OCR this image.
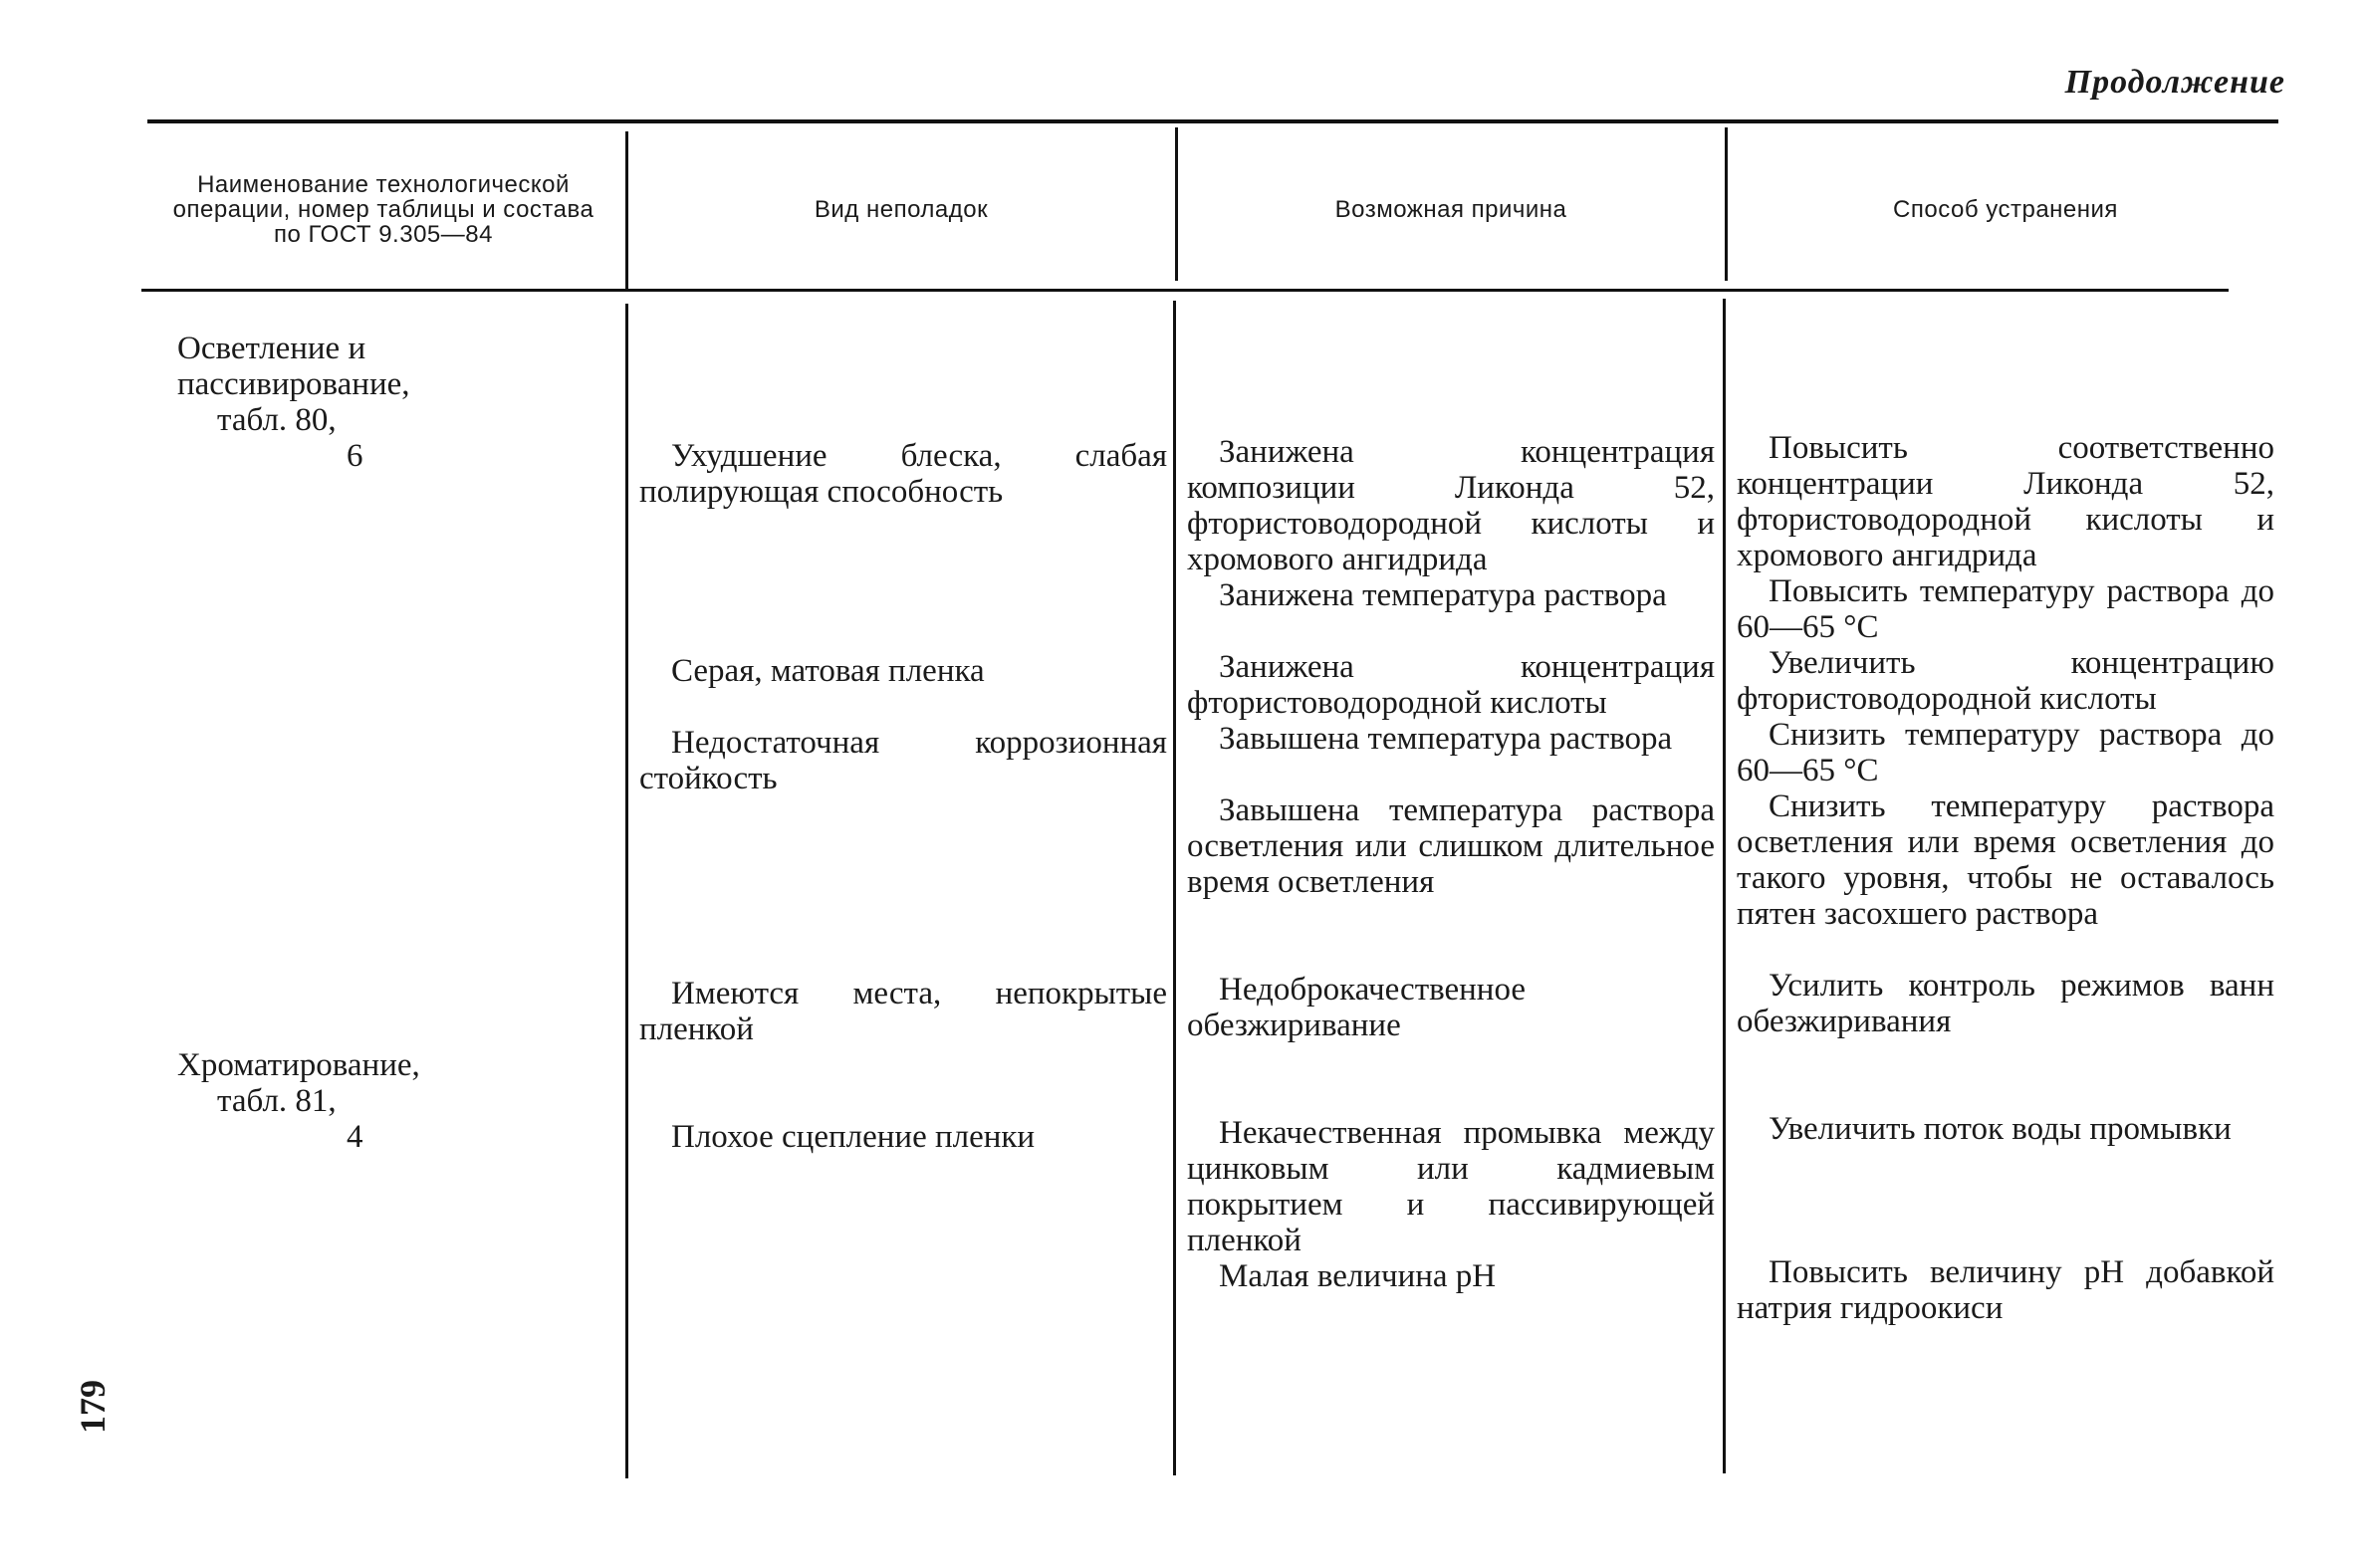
Продолжение
Наименование технологической операции, номер таблицы и состава по ГОСТ 9.305—84
Вид неполадок	Возможная причина	Способ устранения
Осветление и пассивирование,
табл. 80,
6
Хроматирование,
табл. 81,
4
Ухудшение блеска, слабая полирующая способность
Серая, матовая пленка
Недостаточная коррозионная стойкость
Имеются места, непокрытые пленкой
Плохое сцепление пленки
Занижена концентрация композиции Ликонда 52, фтористоводородной кислоты и хромового ангидрида
Занижена температура раствора
Занижена концентрация фтористоводородной кислоты
Завышена температура раствора
Завышена температура раствора осветления или слишком длительное время осветления
Недоброкачественное обезжиривание
Некачественная промывка между цинковым или кадмиевым покрытием и пассивирующей пленкой
Малая величина pH
Повысить соответственно концентрации Ликонда 52, фтористоводородной кислоты и хромового ангидрида
Повысить температуру раствора до 60—65 °С
Увеличить концентрацию фтористоводородной кислоты
Снизить температуру раствора до 60—65 °С
Снизить температуру раствора осветления или время осветления до такого уровня, чтобы не оставалось пятен засохшего раствора
Усилить контроль режимов ванн обезжиривания
Увеличить поток воды промывки
Повысить величину pH добавкой натрия гидроокиси
179
